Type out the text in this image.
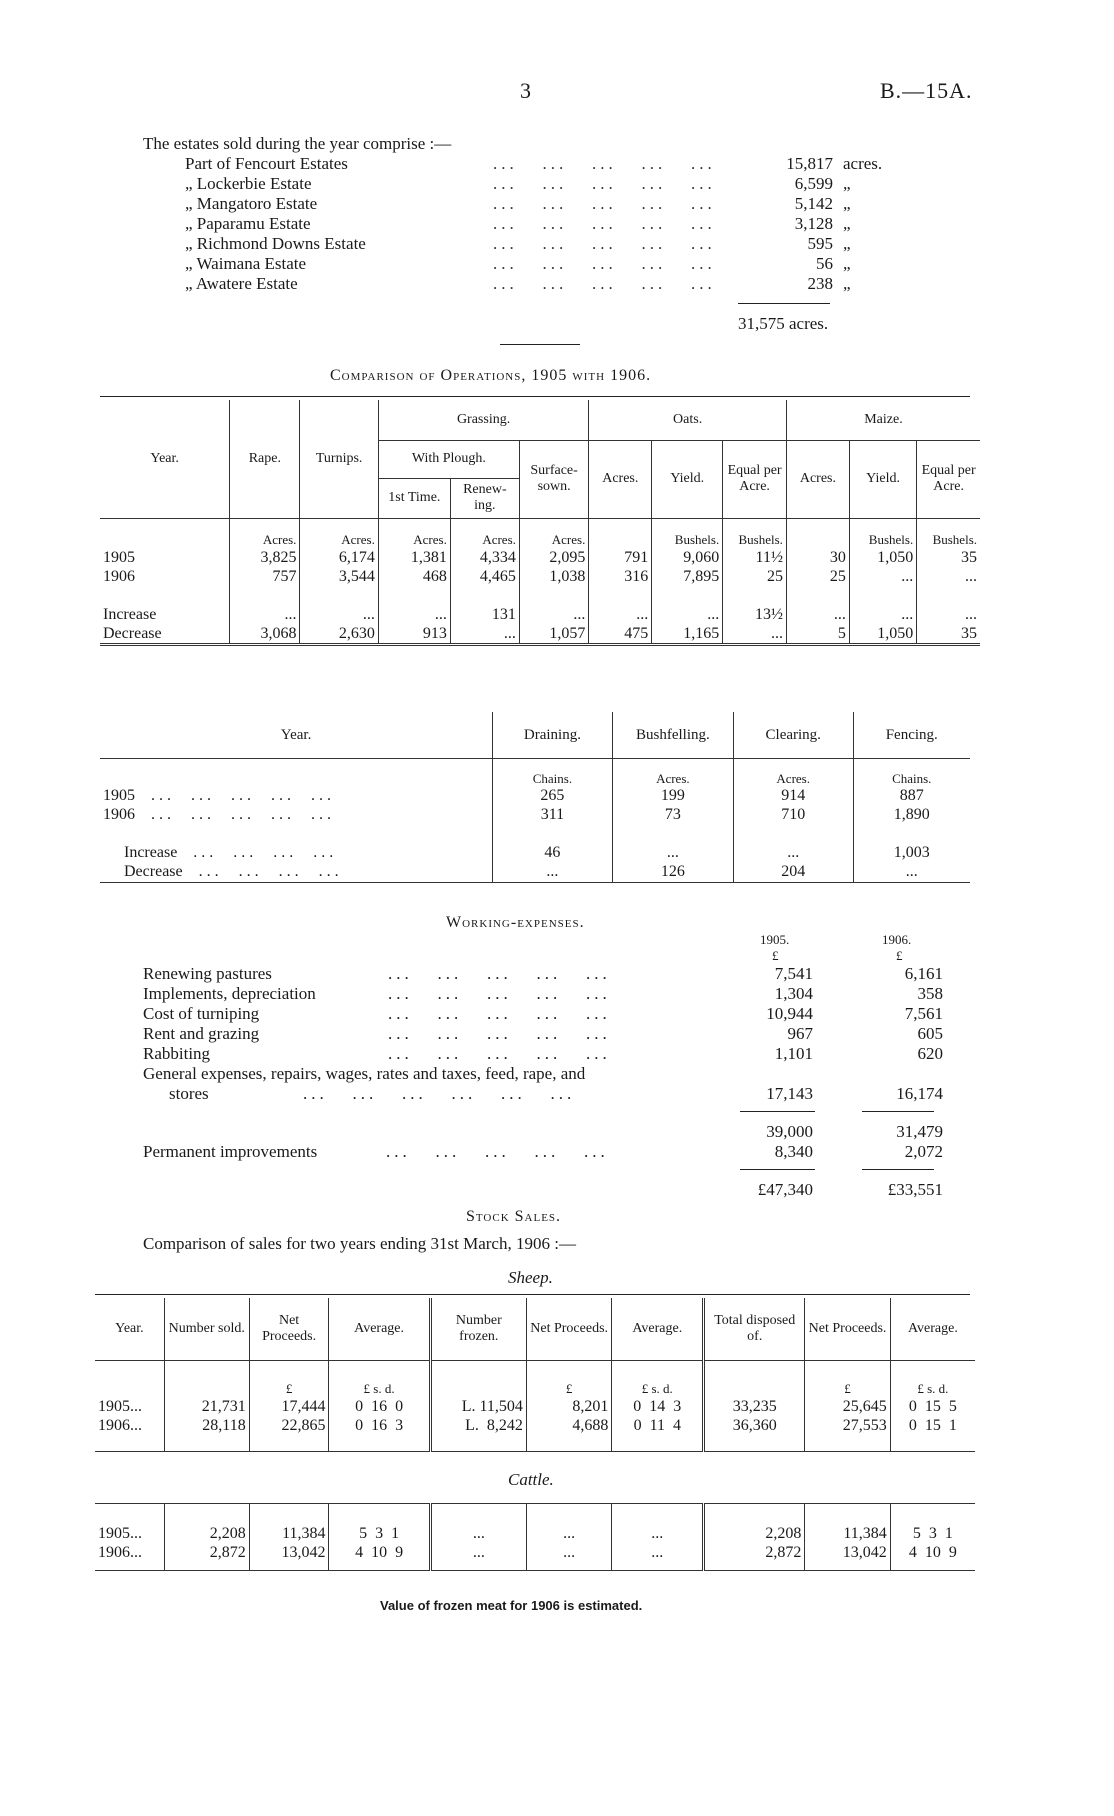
3	B.—15A.
The estates sold during the year comprise :—
Part of Fencourt Estates	...   ...   ...   ...   ...	15,817 acres.
„ Lockerbie Estate	...   ...   ...   ...   ...	6,599 „
„ Mangatoro Estate	...   ...   ...   ...   ...	5,142 „
„ Paparamu Estate	...   ...   ...   ...   ...	3,128 „
„ Richmond Downs Estate	...   ...   ...   ...   ...	595 „
„ Waimana Estate	...   ...   ...   ...   ...	56 „
„ Awatere Estate	...   ...   ...   ...   ...	238 „
31,575 acres.
Comparison of Operations, 1905 with 1906.
Year.	Rape.	Turnips.	Grassing.			Oats.			Maize.		
			With Plough.		Surface-sown.	Acres.	Yield.	Equal per Acre.	Acres.	Yield.	Equal per Acre.
			1st Time.	Renew-ing.							
	Acres.	Acres.	Acres.	Acres.	Acres.		Bushels.	Bushels.		Bushels.	Bushels.
1905	3,825	6,174	1,381	4,334	2,095	791	9,060	11½	30	1,050	35
1906	757	3,544	468	4,465	1,038	316	7,895	25	25	...	...

Increase	...	...	...	131	...	...	...	13½	...	...	...
Decrease	3,068	2,630	913	...	1,057	475	1,165	...	5	1,050	35
Year.	Draining.	Bushfelling.	Clearing.	Fencing.
	Chains.	Acres.	Acres.	Chains.
1905 ...  ...  ...  ...  ...	265	199	914	887
1906 ...  ...  ...  ...  ...	311	73	710	1,890

Increase ...  ...  ...  ...	46	...	...	1,003
Decrease ...  ...  ...  ...	...	126	204	...
Working-expenses.
1905.	1906.
£	£
Renewing pastures	...   ...   ...   ...   ...	7,541	6,161
Implements, depreciation	...   ...   ...   ...   ...	1,304	358
Cost of turniping	...   ...   ...   ...   ...	10,944	7,561
Rent and grazing	...   ...   ...   ...   ...	967	605
Rabbiting	...   ...   ...   ...   ...	1,101	620
General expenses, repairs, wages, rates and taxes, feed, rape, and
stores	...   ...   ...   ...   ...   ...	17,143	16,174
39,000	31,479
Permanent improvements	...   ...   ...   ...   ...	8,340	2,072
£47,340	£33,551
Stock Sales.
Comparison of sales for two years ending 31st March, 1906 :—
Sheep.
Year.	Number sold.	Net Proceeds.	Average.	Number frozen.	Net Proceeds.	Average.	Total disposed of.	Net Proceeds.	Average.
		£	£ s. d.		£	£ s. d.		£	£ s. d.
1905...	21,731	17,444	0  16  0	L. 11,504	8,201	0  14  3	33,235	25,645	0  15  5
1906...	28,118	22,865	0  16  3	L.  8,242	4,688	0  11  4	36,360	27,553	0  15  1

1905...	2,208	11,384	5  3  1	...	...	...	2,208	11,384	5  3  1
1906...	2,872	13,042	4  10  9	...	...	...	2,872	13,042	4  10  9
Cattle.
Value of frozen meat for 1906 is estimated.
